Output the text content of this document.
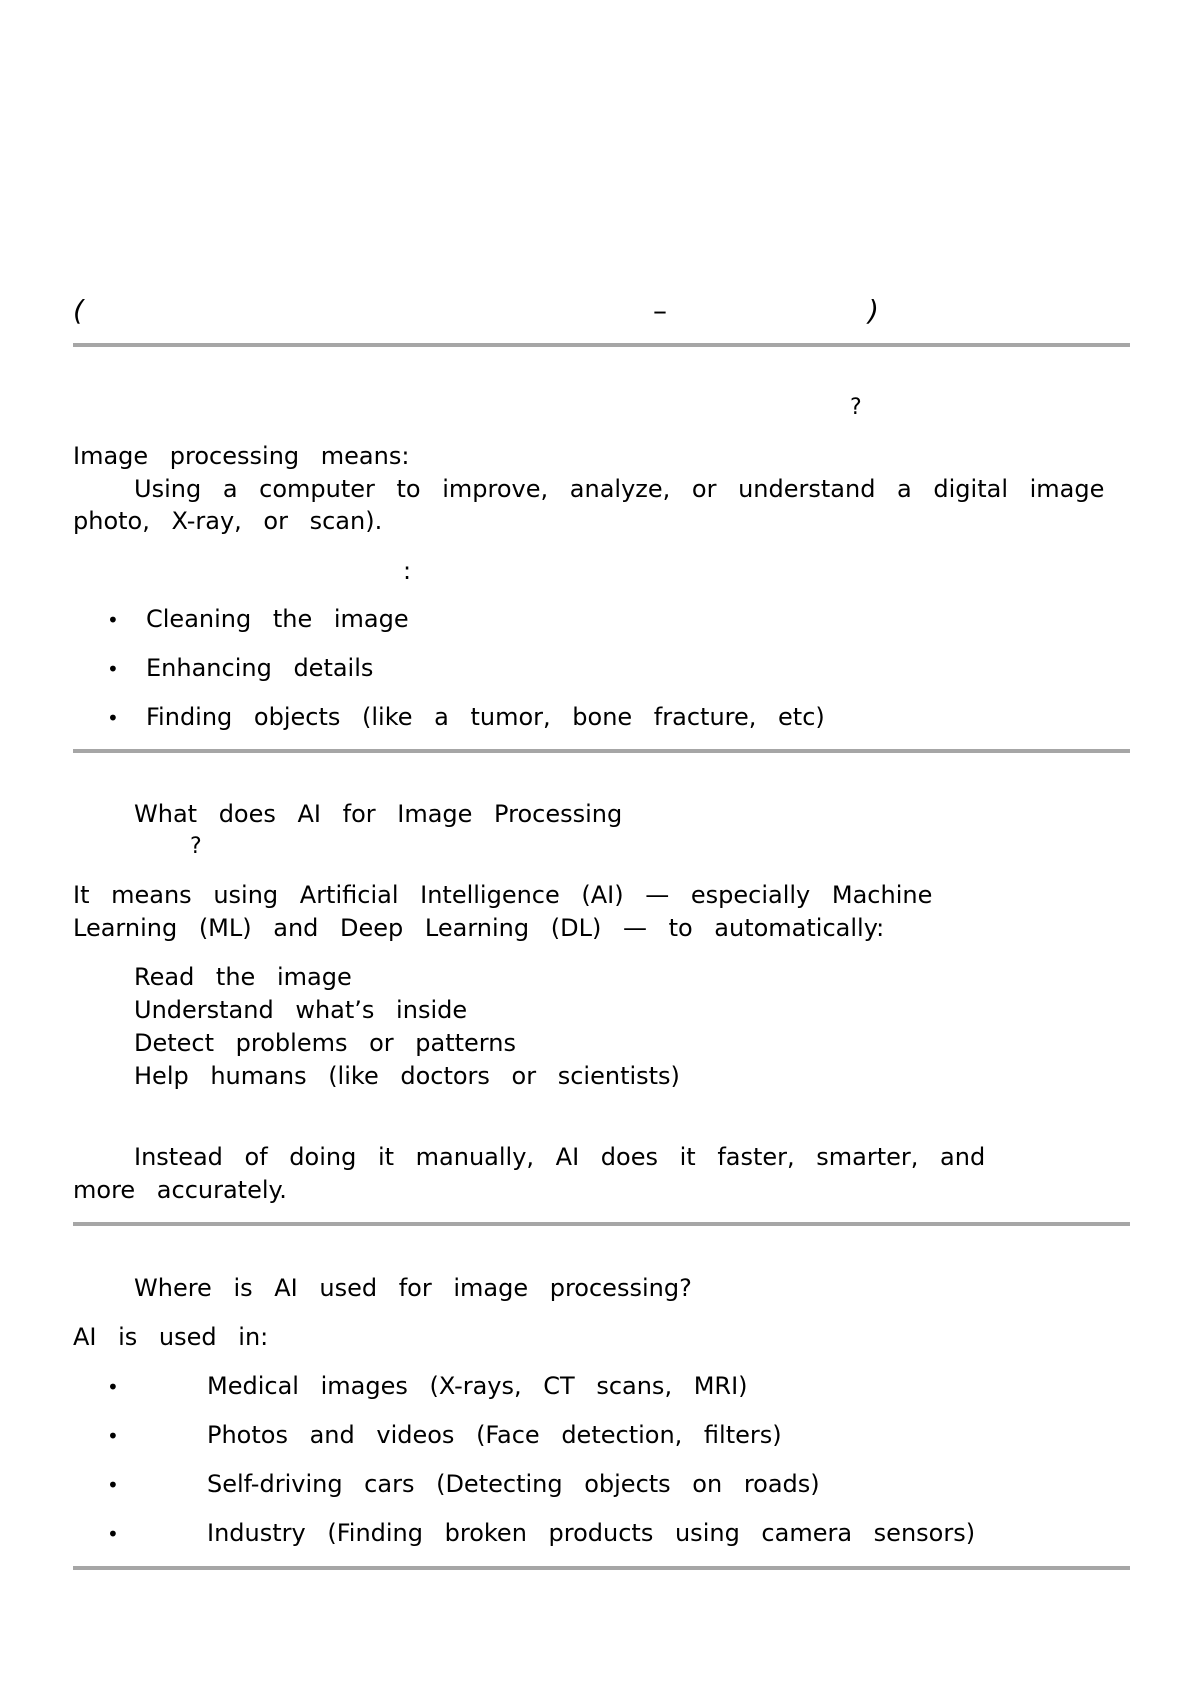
(	–	)
?
Image processing means:
Using a computer to improve, analyze, or understand a digital image
photo, X-ray, or scan).
:
• Cleaning the image
• Enhancing details
• Finding objects (like a tumor, bone fracture, etc)
What does AI for Image Processing
?
It means using Artificial Intelligence (AI) — especially Machine
Learning (ML) and Deep Learning (DL) — to automatically:
Read the image
Understand what’s inside
Detect problems or patterns
Help humans (like doctors or scientists)
Instead of doing it manually, AI does it faster, smarter, and
more accurately.
Where is AI used for image processing?
AI is used in:
•	Medical images (X-rays, CT scans, MRI)
•	Photos and videos (Face detection, filters)
•	Self-driving cars (Detecting objects on roads)
•	Industry (Finding broken products using camera sensors)
